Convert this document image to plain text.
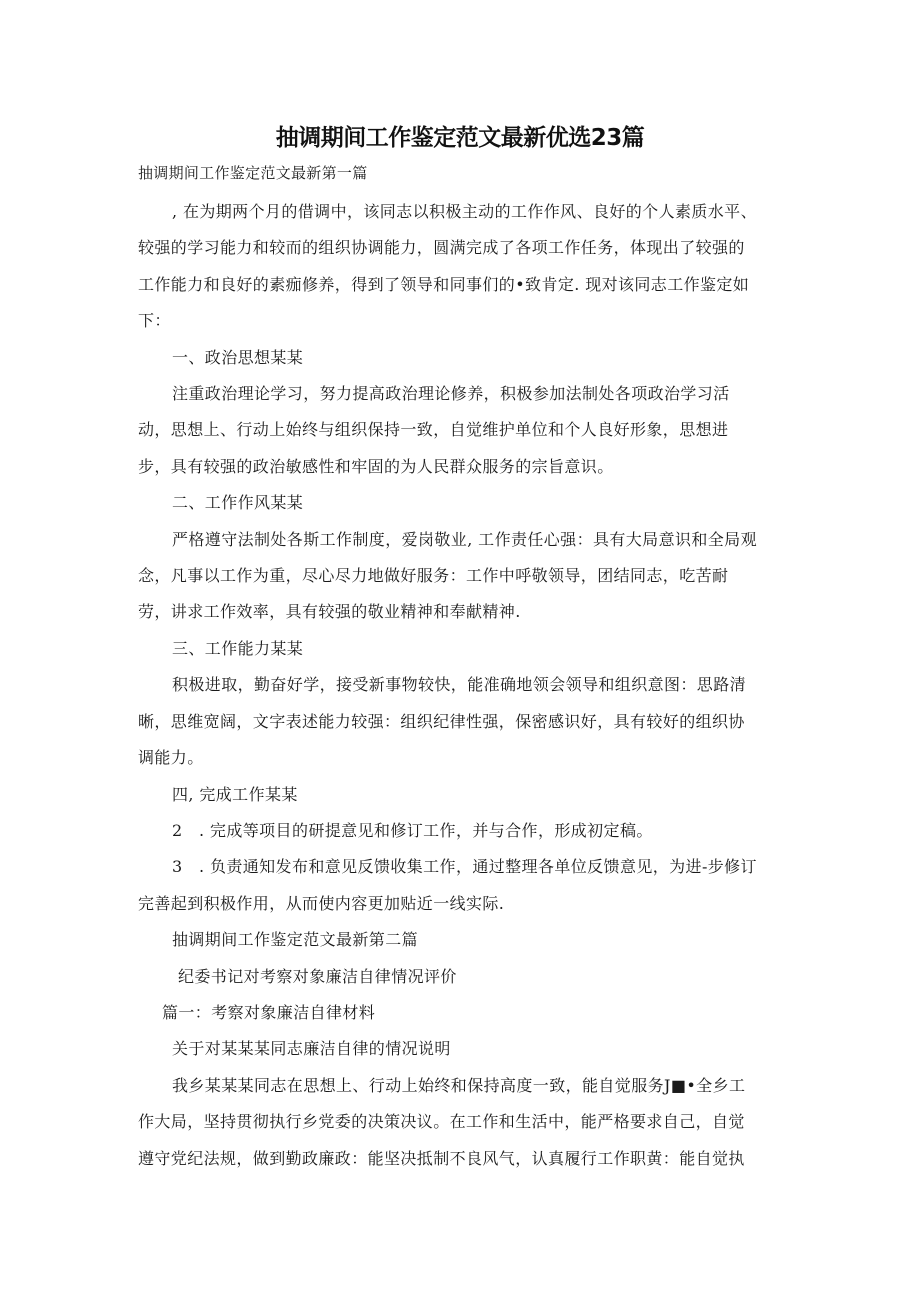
抽调期间工作鉴定范文最新优选23篇

抽调期间工作鉴定范文最新第一篇

, 在为期两个月的借调中，该同志以积极主动的工作作风、良好的个人素质水平、
较强的学习能力和较而的组织协调能力，圆满完成了各项工作任务，体现出了较强的
工作能力和良好的素痂修养，得到了领导和同事们的•致肯定. 现对该同志工作鉴定如
下：

一、政治思想某某

注重政治理论学习，努力提高政治理论修养，积极参加法制处各项政治学习活
动，思想上、行动上始终与组织保持一致，自觉维护单位和个人良好形象，思想进
步，具有较强的政治敏感性和牢固的为人民群众服务的宗旨意识。

二、工作作风某某

严格遵守法制处各斯工作制度，爱岗敬业, 工作责任心强：具有大局意识和全局观
念，凡事以工作为重，尽心尽力地做好服务：工作中呼敬领导，团结同志，吃苦耐
劳，讲求工作效率，具有较强的敬业精神和奉献精神.

三、工作能力某某

积极进取，勤奋好学，接受新事物较快，能准确地领会领导和组织意图：思路清
晰，思维宽阔，文字表述能力较强：组织纪律性强，保密感识好，具有较好的组织协
调能力。

四, 完成工作某某

2　. 完成等项目的研提意见和修订工作，并与合作，形成初定稿。

3　. 负责通知发布和意见反馈收集工作，通过整理各单位反馈意见，为进-步修订
完善起到积极作用，从而使内容更加贴近一线实际.

抽调期间工作鉴定范文最新第二篇

纪委书记对考察对象廉洁自律情况评价

篇一：考察对象廉洁自律材料

关于对某某某同志廉洁自律的情况说明

我乡某某某同志在思想上、行动上始终和保持高度一致，能自觉服务J■•全乡工
作大局，坚持贯彻执行乡党委的决策决议。在工作和生活中，能严格要求自己，自觉
遵守党纪法规，做到勤政廉政：能坚决抵制不良风气，认真履行工作职黄：能自觉执
